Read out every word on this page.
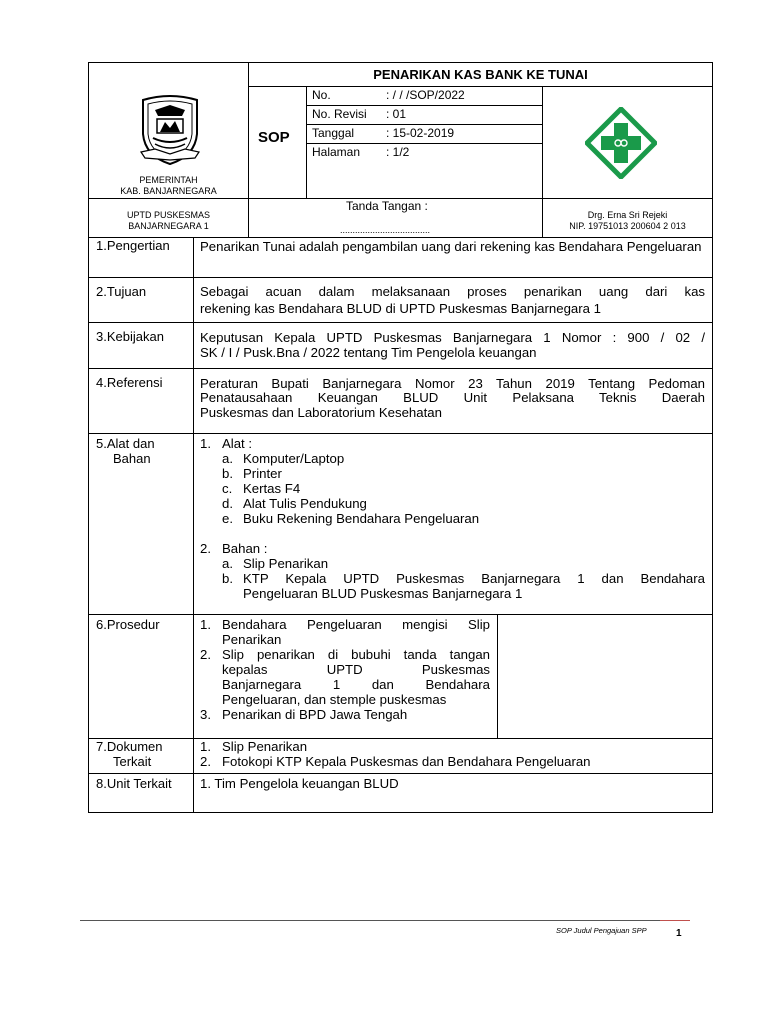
PEMERINTAH
KAB. BANJARNEGARA
UPTD PUSKESMAS
BANJARNEGARA 1
PENARIKAN KAS BANK KE TUNAI
SOP
No.	: / / /SOP/2022
No. Revisi : 01
Tanggal	: 15-02-2019
Halaman : 1/2
Tanda Tangan :
....................................
Drg. Erna Sri Rejeki
NIP. 19751013 200604 2 013
1.Pengertian Penarikan Tunai adalah pengambilan uang dari rekening kas Bendahara Pengeluaran
2.Tujuan	Sebagai acuan dalam melaksanaan proses penarikan uang dari kas
rekening kas Bendahara BLUD di UPTD Puskesmas Banjarnegara 1
3.Kebijakan	Keputusan Kepala UPTD Puskesmas Banjarnegara 1 Nomor : 900 / 02 /
SK / I / Pusk.Bna / 2022 tentang Tim Pengelola keuangan
4.Referensi	Peraturan Bupati Banjarnegara Nomor 23 Tahun 2019 Tentang Pedoman
Penatausahaan Keuangan BLUD Unit Pelaksana Teknis Daerah
Puskesmas dan Laboratorium Kesehatan
5.Alat dan
Bahan
1. Alat :
a. Komputer/Laptop
b. Printer
c. Kertas F4
d. Alat Tulis Pendukung
e. Buku Rekening Bendahara Pengeluaran
2. Bahan :
a. Slip Penarikan
b. KTP Kepala UPTD Puskesmas Banjarnegara 1 dan Bendahara
Pengeluaran BLUD Puskesmas Banjarnegara 1
6.Prosedur	1. Bendahara Pengeluaran mengisi Slip
Penarikan
2. Slip penarikan di bubuhi tanda tangan
kepalas UPTD Puskesmas
Banjarnegara 1 dan Bendahara
Pengeluaran, dan stemple puskesmas
3. Penarikan di BPD Jawa Tengah
7.Dokumen
Terkait
1. Slip Penarikan
2. Fotokopi KTP Kepala Puskesmas dan Bendahara Pengeluaran
8.Unit Terkait 1. Tim Pengelola keuangan BLUD
SOP Judul Pengajuan SPP	1
